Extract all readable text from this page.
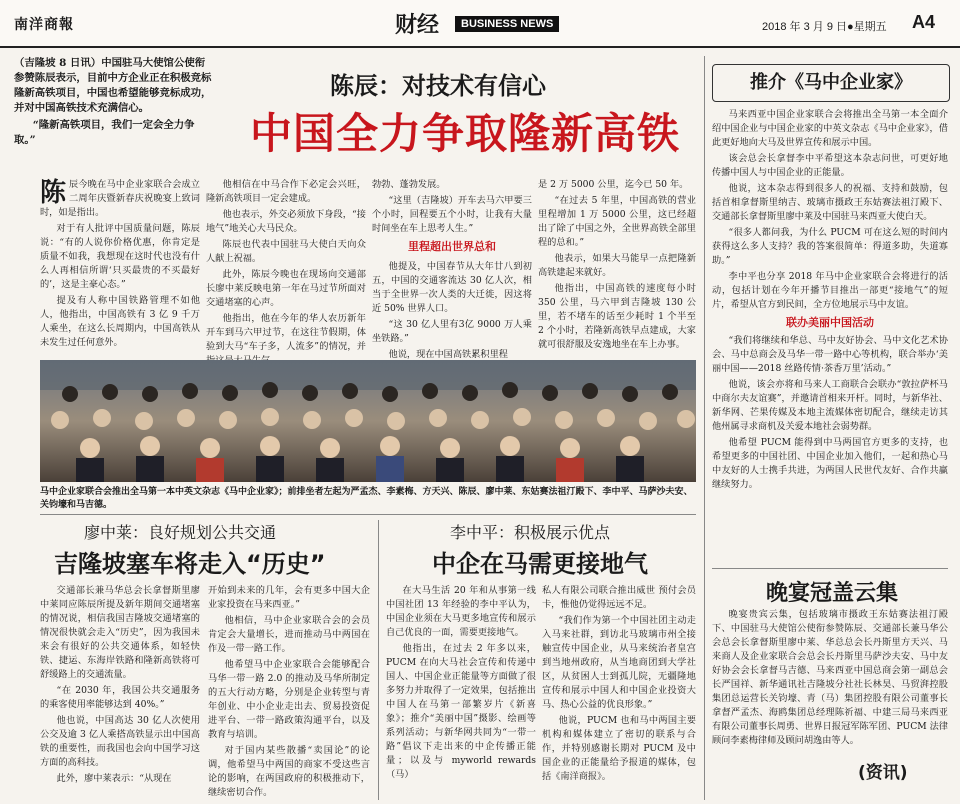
南洋商報	财经	BUSINESS NEWS	2018 年 3 月 9 日●星期五 A4

（吉隆坡 8 日讯）中国驻马大使馆公使衔参赞陈辰表示，目前中方企业正在积极竞标隆新高铁项目，中国也希望能够竞标成功，并对中国高铁技术充满信心。

“隆新高铁项目，我们一定会全力争取。”

陈辰：对技术有信心
中国全力争取隆新高铁
陈 辰今晚在马中企业家联合会成立二周年庆暨新春庆祝晚宴上致词时，如是指出。

对于有人批评中国质量问题，陈辰说：“有的人说你价格优惠，你肯定是质量不如我，我想现在这时代也没有什么人再相信所谓‘只买最贵的不买最好的’，这是主豪心态。”

提及有人称中国铁路管理不如他人，他指出，中国高铁有 3 亿 9 千万人乘坐，在这么长周期内，中国高铁从未发生过任何意外。

他相信在中马合作下必定会兴旺，隆新高铁项目一定会建成。

他也表示，外交必须放下身段，“接地气”地关心大马民众。

陈辰也代表中国驻马大使白天向众人献上祝福。

此外，陈辰今晚也在现场向交通部长廖中莱反映电第一年在马过节所面对交通堵塞的心声。

他指出，他在今年的华人农历新年开车到马六甲过节，在这往节假期，体验到大马“车子多，人流多”的情况，并

勃勃、蓬勃发展。

“这里（吉隆坡）开车去马六甲要三个小时，回程要五个小时，让我有大量时间坐在车上思考人生。”

里程超出世界总和

他提及，中国春节从大年廿八到初五，中国的交通客流达 30 亿人次，相当于全世界一次人类的大迁徙，因这将近 50% 世界人口。

“这 30 亿人里有3亿 9000 万人乘坐铁路。”

他说，现在中国高铁累积里程

是 2 万 5000 公里，迄今已 50 年。

“在过去 5 年里，中国高铁的营业里程增加 1 万 5000 公里，这已经超出了除了中国之外，全世界高铁全部里程的总和。”

他表示，如果大马能早一点把隆新高铁建起来就好。

他指出，中国高铁的速度每小时 350 公里，马六甲到吉隆坡 130 公里，若不堵车的话至少耗时 1 个半至 2 个小时，若隆新高铁早点建成，大家就可很舒服及安逸地坐在车上办事。

马中企业家联合会推出全马第一本中英文杂志《马中企业家》；前排坐者左起为严孟杰、李素梅、方天兴、陈辰、廖中莱、东姑赛法祖汀殿下、李中平、马萨沙夫安、关钧壕和马吉德。
廖中莱：良好规划公共交通
吉隆坡塞车将走入“历史”

交通部长兼马华总会长拿督斯里廖中莱同应陈辰所提及新年期间交通堵塞的情况说，相信我国吉隆坡交通堵塞的情况很快就会走入“历史”，因为我国未来会有很好的公共交通体系，如轻快铁、捷运、东海岸铁路和隆新高铁将可舒缓路上的交通流量。

“在 2030 年，我国公共交通服务的乘客使用率能够达到 40%。”

他也说，中国高达 30 亿人次使用公交及逾 3 亿人乘搭高铁显示出中国高铁的重要性，而我国也会向中国学习这方面的高科技。

此外，廖中莱表示：“从现在

开始到未来的几年，会有更多中国大企业家投资在马来西亚。”

他相信，马中企业家联合会的会员肯定会大量增长，进而推动马中两国在作及一带一路工作。

他希望马中企业家联合会能够配合马华一带一路 2.0 的推动及马华所制定的五大行动方略，分别是企业转型与青年创业、中小企业走出去、贸易投资促进平台、一带一路政策沟通平台，以及教育与培训。

对于国内某些散播“卖国论”的论调，他希望马中两国的商家不受这些言论的影响，在两国政府的积极推动下，继续密切合作。

李中平：积极展示优点
中企在马需更接地气

在大马生活 20 年和从事第一线中国社团 13 年经验的李中平认为，中国企业须在大马更多地宣传和展示自己优良的一面，需要更接地气。

他指出，在过去 2 年多以来，PUCM 在向大马社会宣传和传递中国人、中国企业正能量等方面做了很多努力并取得了一定效果，包括推出中国人在马第一部繁岁片《新喜象》；推介“美丽中国”摄影、绘画等系列活动；与新华网共同为“一带一路”倡议下走出来的中企传播正能量；以及与 myworld rewards（马）

私人有限公司联合推出威世 预付会员卡，惟他仍觉得远远不足。

“我们作为第一个中国社团主动走入马来社群，到访北马玻璃市州全接触宣传中国企业，从马来统治者皇宫到当地州政府，从当地商团到大学社区，从贫困人士到孤儿院，无疆隆地宣传和展示中国人和中国企业投资大马、热心公益的优良形象。”

他说，PUCM 也和马中两国主要机构和媒体建立了密切的联系与合作，并特别感谢长期对 PUCM 及中国企业的正能量给予报道的媒体，包括《南洋商报》。

推介《马中企业家》

马来西亚中国企业家联合会将推出全马第一本全面介绍中国企业与中国企业家的中英文杂志《马中企业家》，借此更好地向大马及世界宣传和展示中国。

该会总会长拿督李中平希望这本杂志问世，可更好地传播中国人与中国企业的正能量。

他说，这本杂志得到很多人的祝福、支持和鼓励，包括首相拿督斯里纳吉、玻璃市摄政王东姑赛法祖汀殿下、交通部长拿督斯里廖中莱及中国驻马来西亚大使白天。

“很多人都问我，为什么 PUCM 可在这么短的时间内获得这么多人支持？我的答案很简单：得道多助，失道寡助。”

李中平也分享 2018 年马中企业家联合会将进行的活动，包括计划在今年开播节目推出一部更“接地气”的短片，希望从官方到民间，全方位地展示马中友谊。

联办美丽中国活动

“我们将继续和华总、马中友好协会、马中文化艺术协会、马中总商会及马华一带一路中心等机构，联合举办‘美丽中国——2018 丝路传情·茶香万里’活动。”

他说，该会亦将和马来人工商联合会联办“敦拉萨杯马中商尔夫友谊赛”，并邀请首相来开杆。同时，与新华社、新华网、芒果传媒及本地主流媒体密切配合，继续走访其他州属寻求商机及关爱本地社会弱势群。

他希望 PUCM 能得到中马两国官方更多的支持，也希望更多的中国社团、中国企业加入他们，一起和热心马中友好的人士携手共进，为两国人民世代友好、合作共赢继续努力。

晚宴冠盖云集

晚宴贵宾云集，包括玻璃市摄政王东姑赛法祖汀殿下、中国驻马大使馆公使衔参赞陈辰、交通部长兼马华公会总会长拿督斯里廖中莱、华总总会长丹斯里方天兴、马来商人及企业家联合会总会长丹斯里马萨沙夫安、马中友好协会会长拿督马吉德、马来西亚中国总商会第一副总会长严国祥、新华通讯社吉隆坡分社社长林昊、马贸湃控股集团总运营长关钧壕、青（马）集团控股有限公司董事长拿督严孟杰、海鸥集团总经理陈祈福、中建三局马来西亚有限公司董事长周勇、世界日报冠军陈军团、PUCM 法律顾问李素梅律师及顾问胡逸由等人。

(资讯)
